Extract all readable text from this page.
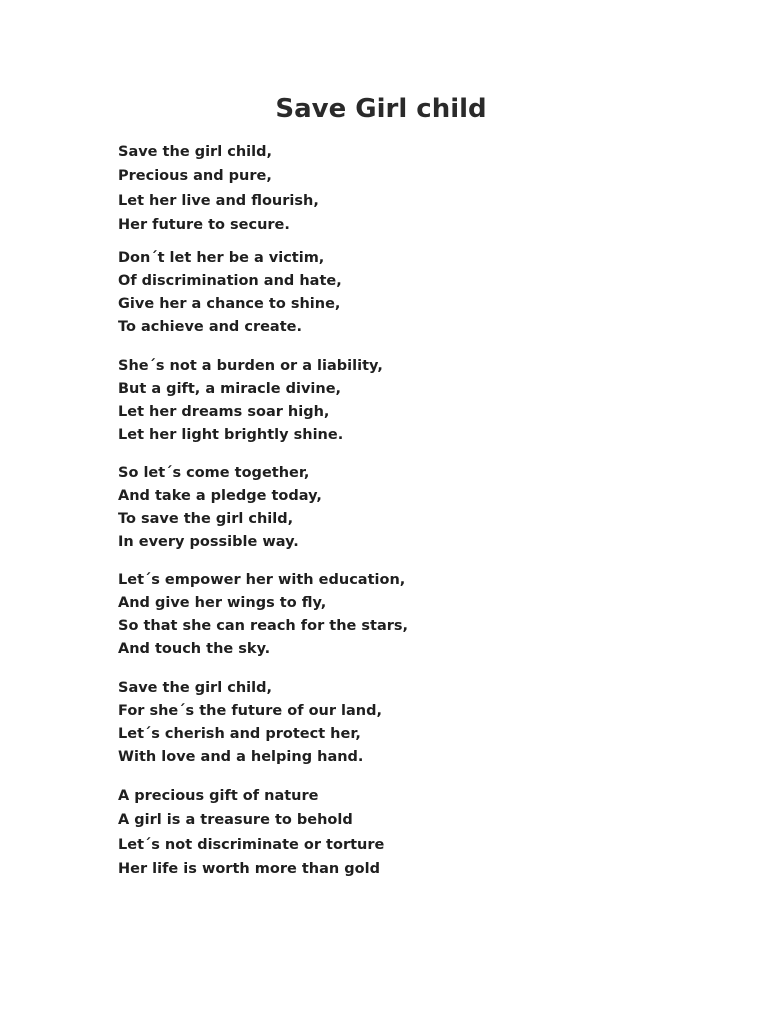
Save Girl child
Save the girl child,
Precious and pure,
Let her live and flourish,
Her future to secure.
Don´t let her be a victim,
Of discrimination and hate,
Give her a chance to shine,
To achieve and create.
She´s not a burden or a liability,
But a gift, a miracle divine,
Let her dreams soar high,
Let her light brightly shine.
So let´s come together,
And take a pledge today,
To save the girl child,
In every possible way.
Let´s empower her with education,
And give her wings to fly,
So that she can reach for the stars,
And touch the sky.
Save the girl child,
For she´s the future of our land,
Let´s cherish and protect her,
With love and a helping hand.
A precious gift of nature
A girl is a treasure to behold
Let´s not discriminate or torture
Her life is worth more than gold
